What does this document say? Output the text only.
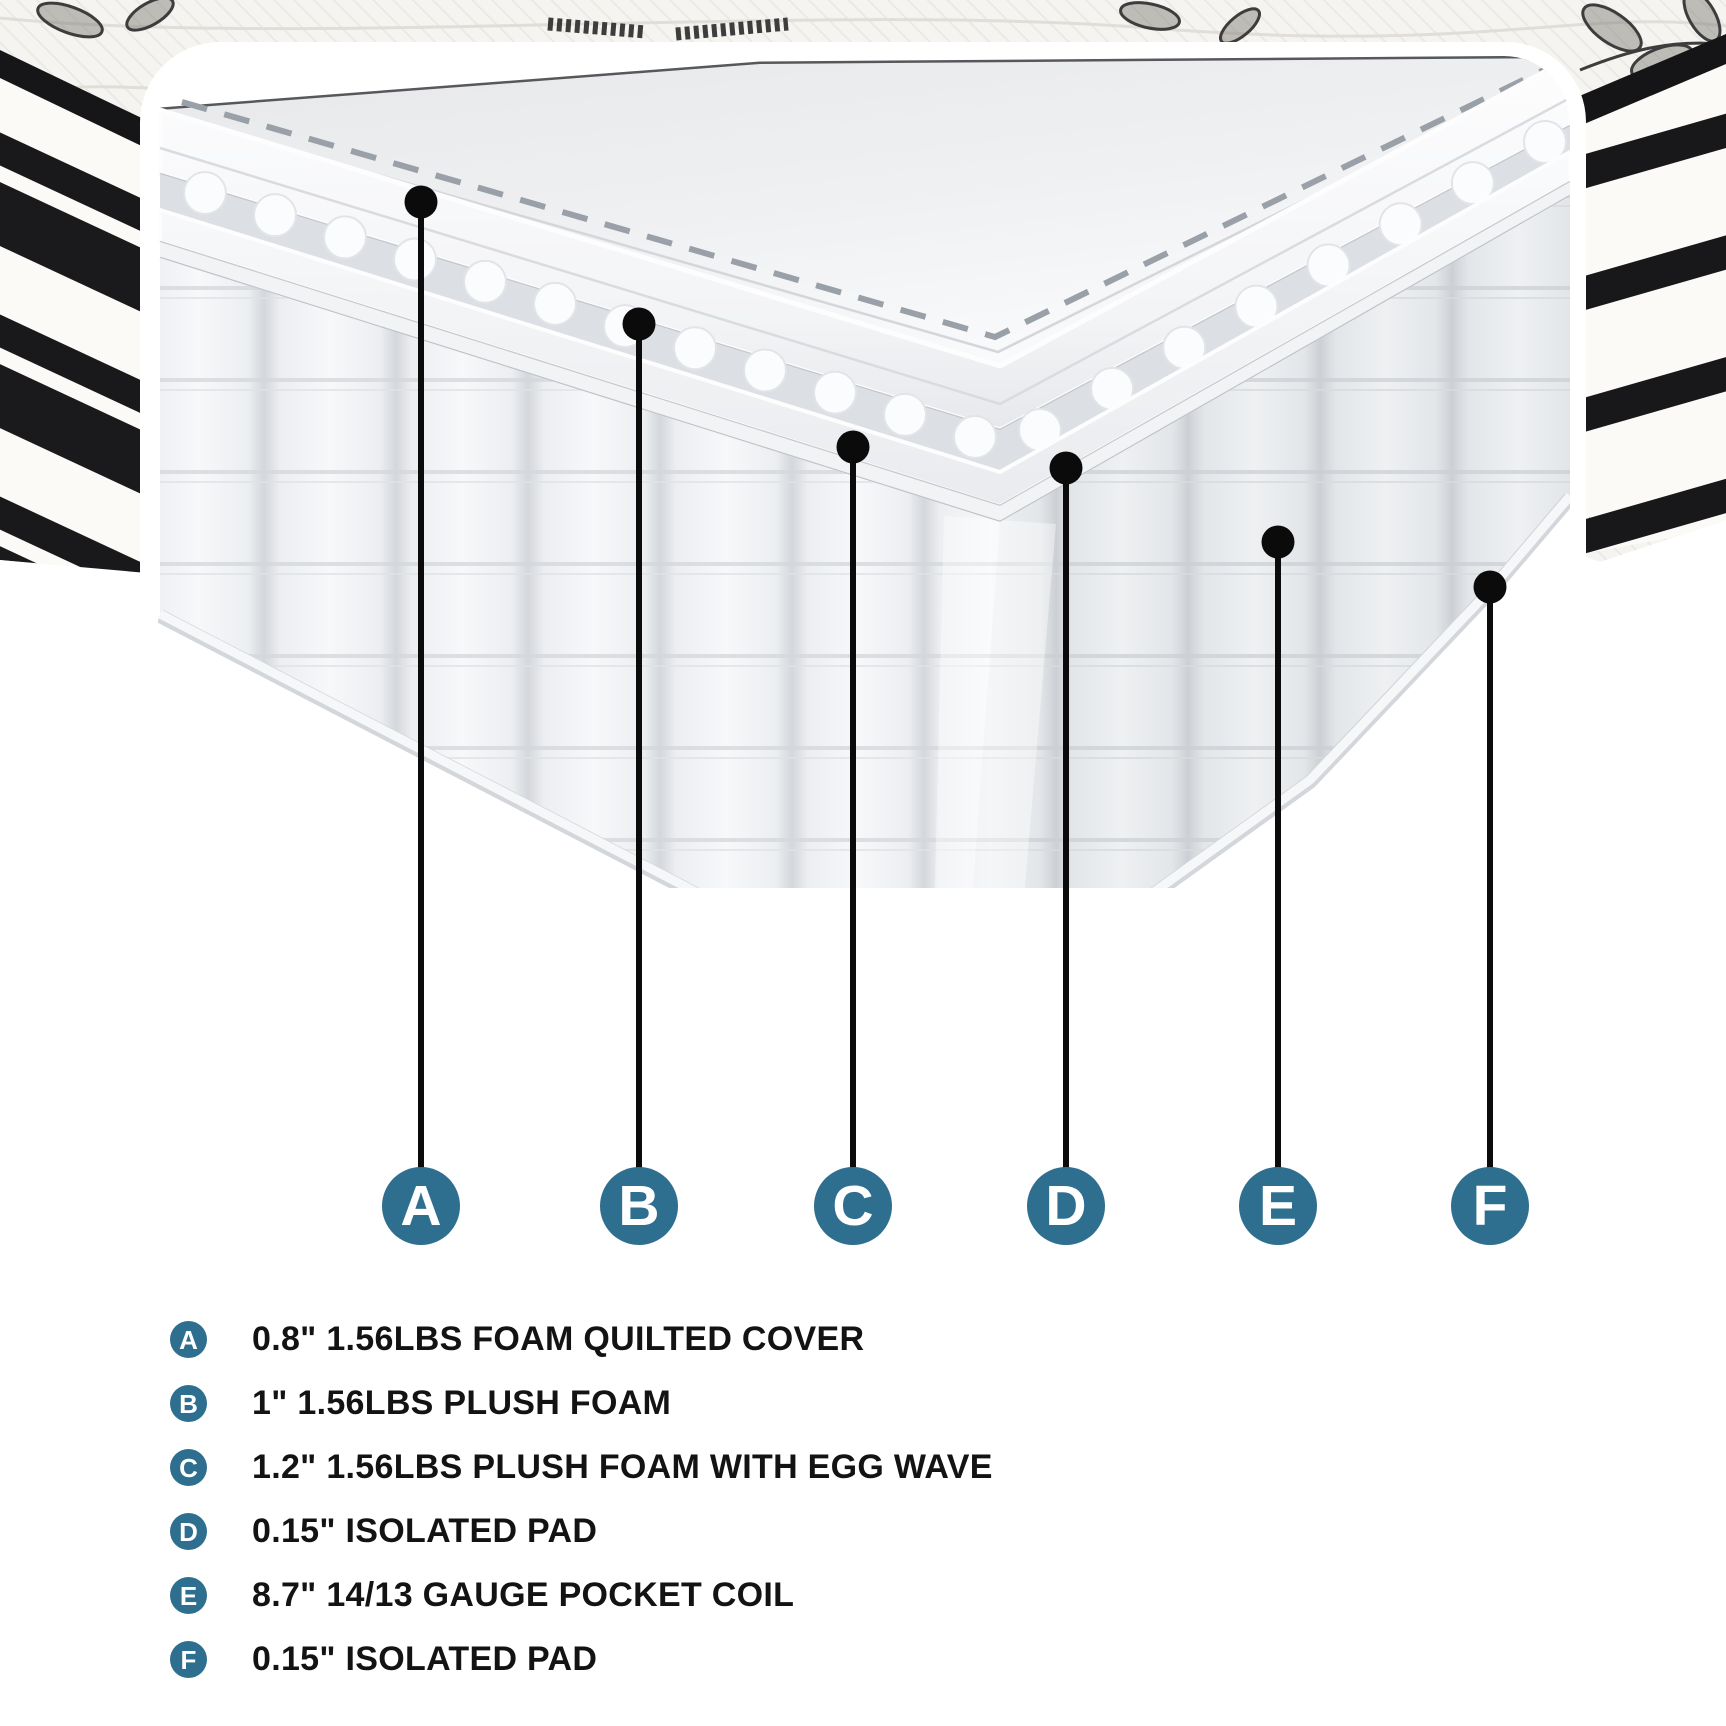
A	B	C	D	E	F
A 0.8" 1.56LBS FOAM QUILTED COVER
B 1" 1.56LBS PLUSH FOAM
C 1.2" 1.56LBS PLUSH FOAM WITH EGG WAVE
D 0.15" ISOLATED PAD
E 8.7" 14/13 GAUGE POCKET COIL
F	0.15" ISOLATED PAD
